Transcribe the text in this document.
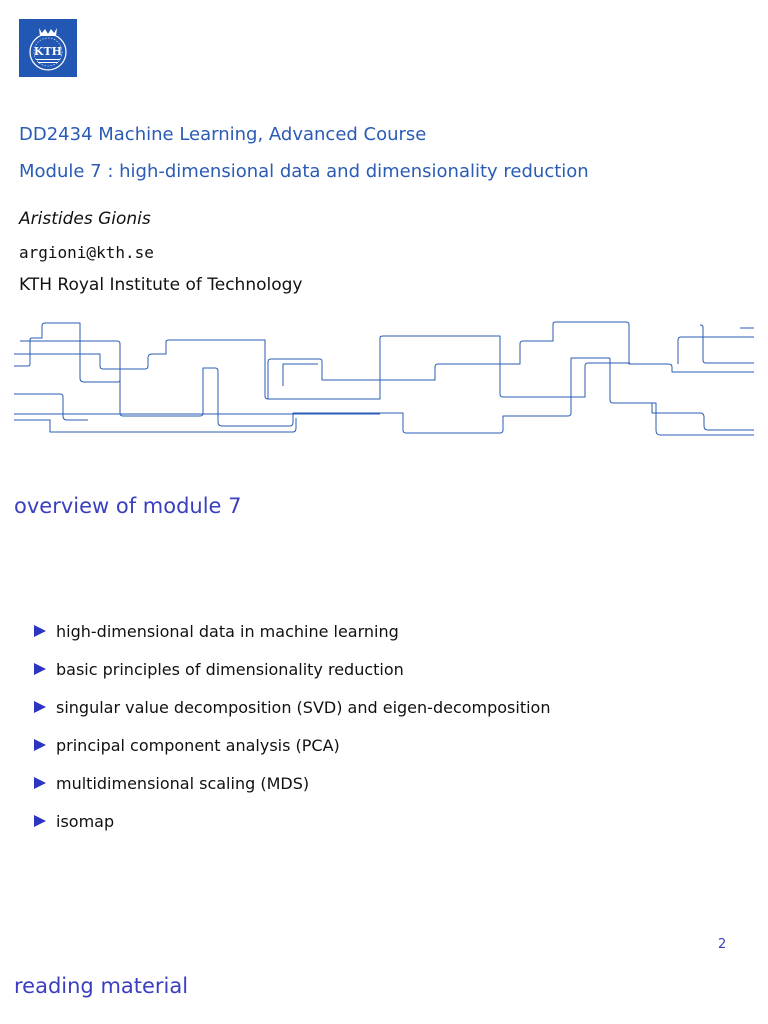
KTH
DD2434 Machine Learning, Advanced Course
Module 7 : high-dimensional data and dimensionality reduction
Aristides Gionis
argioni@kth.se
KTH Royal Institute of Technology
overview of module 7
high-dimensional data in machine learning
basic principles of dimensionality reduction
singular value decomposition (SVD) and eigen-decomposition
principal component analysis (PCA)
multidimensional scaling (MDS)
isomap
2
reading material
